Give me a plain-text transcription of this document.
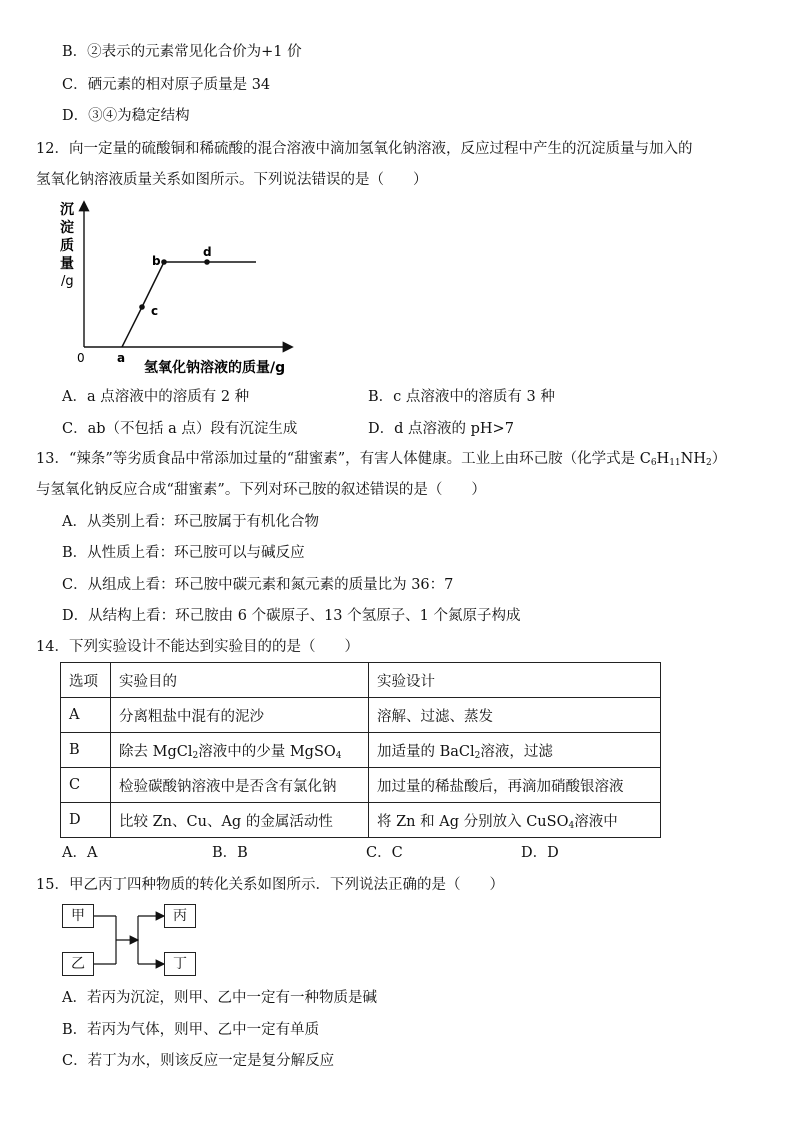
B．②表示的元素常见化合价为+1 价
C．硒元素的相对原子质量是 34
D．③④为稳定结构
12．向一定量的硫酸铜和稀硫酸的混合溶液中滴加氢氧化钠溶液，反应过程中产生的沉淀质量与加入的
氢氧化钠溶液质量关系如图所示。下列说法错误的是（　　）
沉
淀
质
量
/g
0
氢氧化钠溶液的质量/g
a
c
b
d
A．a 点溶液中的溶质有 2 种	B．c 点溶液中的溶质有 3 种
C．ab（不包括 a 点）段有沉淀生成	D．d 点溶液的 pH>7
13．“辣条”等劣质食品中常添加过量的“甜蜜素”，有害人体健康。工业上由环己胺（化学式是 $C_6H_{11}NH_2$）
与氢氧化钠反应合成“甜蜜素”。下列对环己胺的叙述错误的是（　　）
A．从类别上看：环己胺属于有机化合物
B．从性质上看：环己胺可以与碱反应
C．从组成上看：环己胺中碳元素和氮元素的质量比为 36：7
D．从结构上看：环己胺由 6 个碳原子、13 个氢原子、1 个氮原子构成
14．下列实验设计不能达到实验目的的是（　　）
选项	实验目的	实验设计
A	分离粗盐中混有的泥沙	溶解、过滤、蒸发
B	除去 MgCl$_2$溶液中的少量 MgSO$_4$	加适量的 BaCl$_2$溶液，过滤
C	检验碳酸钠溶液中是否含有氯化钠	加过量的稀盐酸后，再滴加硝酸银溶液
D	比较 Zn、Cu、Ag 的金属活动性	将 Zn 和 Ag 分别放入 CuSO$_4$溶液中
A．A	B．B	C．C	D．D
15．甲乙丙丁四种物质的转化关系如图所示．下列说法正确的是（　　）
甲
乙
丙
丁
A．若丙为沉淀，则甲、乙中一定有一种物质是碱
B．若丙为气体，则甲、乙中一定有单质
C．若丁为水，则该反应一定是复分解反应
